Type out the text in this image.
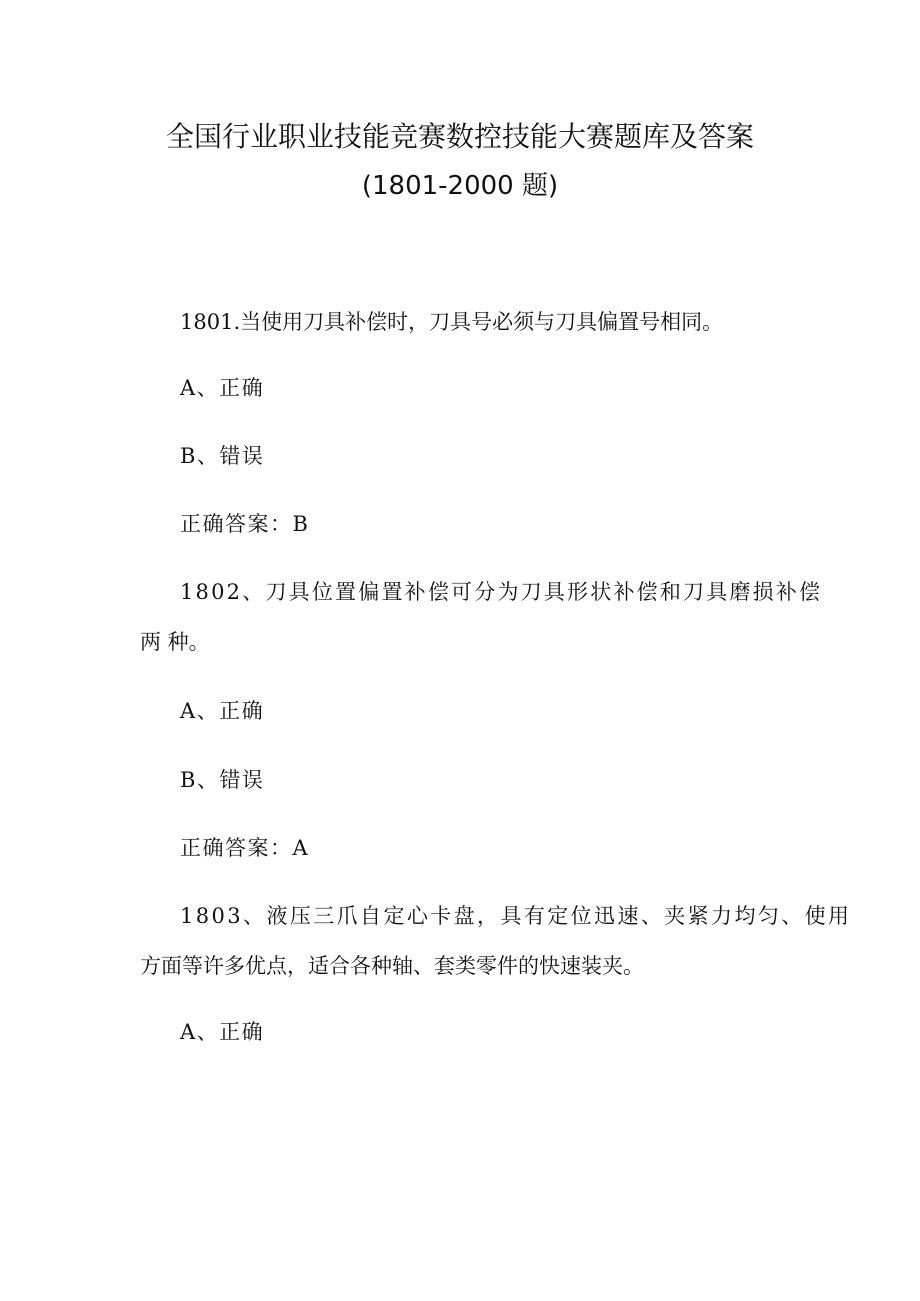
全国行业职业技能竞赛数控技能大赛题库及答案
(1801-2000 题)
1801.当使用刀具补偿时，刀具号必须与刀具偏置号相同。
A、正确
B、错误
正确答案：B
1802、刀具位置偏置补偿可分为刀具形状补偿和刀具磨损补偿
两 种。
A、正确
B、错误
正确答案：A
1803、液压三爪自定心卡盘，具有定位迅速、夹紧力均匀、使用
方面等许多优点，适合各种轴、套类零件的快速装夹。
A、正确
